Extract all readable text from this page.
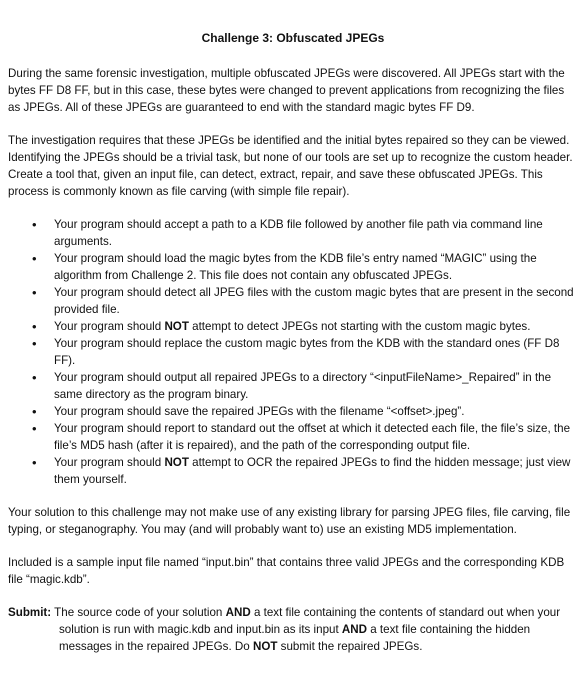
Challenge 3: Obfuscated JPEGs

During the same forensic investigation, multiple obfuscated JPEGs were discovered. All JPEGs start with the bytes FF D8 FF, but in this case, these bytes were changed to prevent applications from recognizing the files as JPEGs. All of these JPEGs are guaranteed to end with the standard magic bytes FF D9.

The investigation requires that these JPEGs be identified and the initial bytes repaired so they can be viewed. Identifying the JPEGs should be a trivial task, but none of our tools are set up to recognize the custom header. Create a tool that, given an input file, can detect, extract, repair, and save these obfuscated JPEGs. This process is commonly known as file carving (with simple file repair).

• Your program should accept a path to a KDB file followed by another file path via command line arguments.
• Your program should load the magic bytes from the KDB file’s entry named “MAGIC” using the algorithm from Challenge 2. This file does not contain any obfuscated JPEGs.
• Your program should detect all JPEG files with the custom magic bytes that are present in the second provided file.
• Your program should NOT attempt to detect JPEGs not starting with the custom magic bytes.
• Your program should replace the custom magic bytes from the KDB with the standard ones (FF D8 FF).
• Your program should output all repaired JPEGs to a directory “<inputFileName>_Repaired” in the same directory as the program binary.
• Your program should save the repaired JPEGs with the filename “<offset>.jpeg”.
• Your program should report to standard out the offset at which it detected each file, the file’s size, the file’s MD5 hash (after it is repaired), and the path of the corresponding output file.
• Your program should NOT attempt to OCR the repaired JPEGs to find the hidden message; just view them yourself.

Your solution to this challenge may not make use of any existing library for parsing JPEG files, file carving, file typing, or steganography. You may (and will probably want to) use an existing MD5 implementation.

Included is a sample input file named “input.bin” that contains three valid JPEGs and the corresponding KDB file “magic.kdb”.

Submit: The source code of your solution AND a text file containing the contents of standard out when your solution is run with magic.kdb and input.bin as its input AND a text file containing the hidden messages in the repaired JPEGs. Do NOT submit the repaired JPEGs.
